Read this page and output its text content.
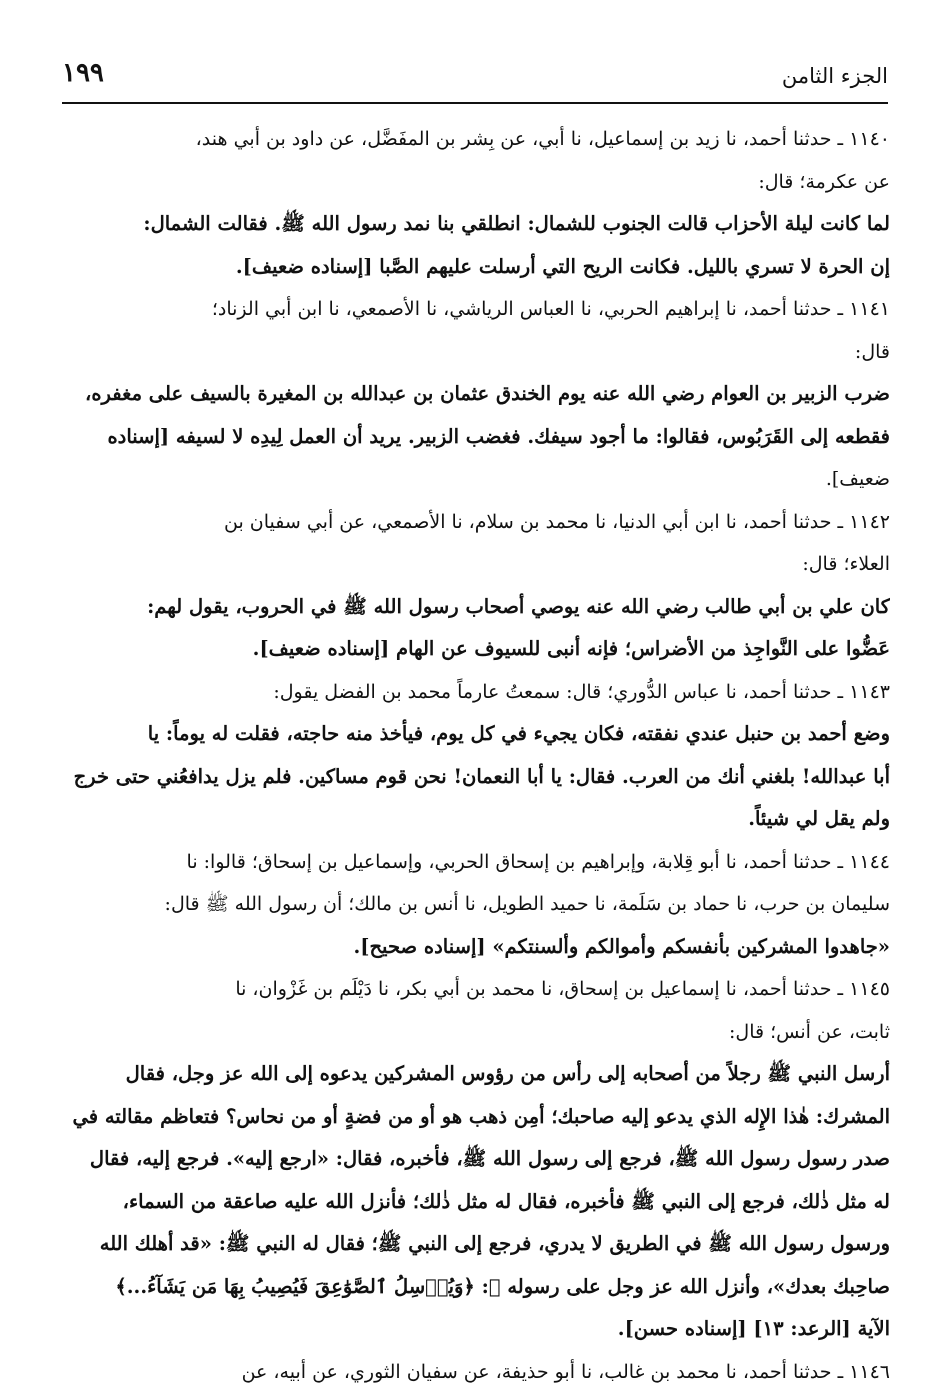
١٩٩	الجزء الثامن
١١٤٠ ـ حدثنا أحمد، نا زيد بن إسماعيل، نا أبي، عن بِشر بن المفَضَّل، عن داود بن أبي هند،
عن عكرمة؛ قال:
لما كانت ليلة الأحزاب قالت الجنوب للشمال: انطلقي بنا نمد رسول الله ﷺ. فقالت الشمال:
إن الحرة لا تسري بالليل. فكانت الريح التي أرسلت عليهم الصَّبا [إسناده ضعيف].
١١٤١ ـ حدثنا أحمد، نا إبراهيم الحربي، نا العباس الرياشي، نا الأصمعي، نا ابن أبي الزناد؛
قال:
ضرب الزبير بن العوام رضي الله عنه يوم الخندق عثمان بن عبدالله بن المغيرة بالسيف على مغفره،
فقطعه إلى القَرَبُوس، فقالوا: ما أجود سيفك. فغضب الزبير. يريد أن العمل لِيدِه لا لسيفه [إسناده
ضعيف].
١١٤٢ ـ حدثنا أحمد، نا ابن أبي الدنيا، نا محمد بن سلام، نا الأصمعي، عن أبي سفيان بن
العلاء؛ قال:
كان علي بن أبي طالب رضي الله عنه يوصي أصحاب رسول الله ﷺ في الحروب، يقول لهم:
عَضُّوا على النَّواجِذ من الأضراس؛ فإنه أنبى للسيوف عن الهام [إسناده ضعيف].
١١٤٣ ـ حدثنا أحمد، نا عباس الدُّوري؛ قال: سمعتُ عارماً محمد بن الفضل يقول:
وضع أحمد بن حنبل عندي نفقته، فكان يجيء في كل يوم، فيأخذ منه حاجته، فقلت له يوماً: يا
أبا عبدالله! بلغني أنك من العرب. فقال: يا أبا النعمان! نحن قوم مساكين. فلم يزل يدافعُني حتى خرج
ولم يقل لي شيئاً.
١١٤٤ ـ حدثنا أحمد، نا أبو قِلابة، وإبراهيم بن إسحاق الحربي، وإسماعيل بن إسحاق؛ قالوا: نا
سليمان بن حرب، نا حماد بن سَلَمة، نا حميد الطويل، نا أنس بن مالك؛ أن رسول الله ﷺ قال:
«جاهدوا المشركين بأنفسكم وأموالكم وألسنتكم» [إسناده صحيح].
١١٤٥ ـ حدثنا أحمد، نا إسماعيل بن إسحاق، نا محمد بن أبي بكر، نا دَيْلَم بن غَزْوان، نا
ثابت، عن أنس؛ قال:
أرسل النبي ﷺ رجلاً من أصحابه إلى رأس من رؤوس المشركين يدعوه إلى الله عز وجل، فقال
المشرك: هٰذا الإِله الذي يدعو إليه صاحبك؛ أمِن ذهب هو أو من فضةٍ أو من نحاس؟ فتعاظم مقالته في
صدر رسول رسول الله ﷺ، فرجع إلى رسول الله ﷺ، فأخبره، فقال: «ارجع إليه». فرجع إليه، فقال
له مثل ذٰلك، فرجع إلى النبي ﷺ فأخبره، فقال له مثل ذٰلك؛ فأنزل الله عليه صاعقة من السماء،
ورسول رسول الله ﷺ في الطريق لا يدري، فرجع إلى النبي ﷺ؛ فقال له النبي ﷺ: «قد أهلك الله
صاحِبك بعدك»، وأنزل الله عز وجل على رسوله ﷺ: ﴿وَيُرۡسِلُ ٱلصَّوَٰعِقَ فَيُصِيبُ بِهَا مَن يَشَآءُ...﴾
الآية [الرعد: ١٣] [إسناده حسن].
١١٤٦ ـ حدثنا أحمد، نا محمد بن غالب، نا أبو حذيفة، عن سفيان الثوري، عن أبيه، عن
